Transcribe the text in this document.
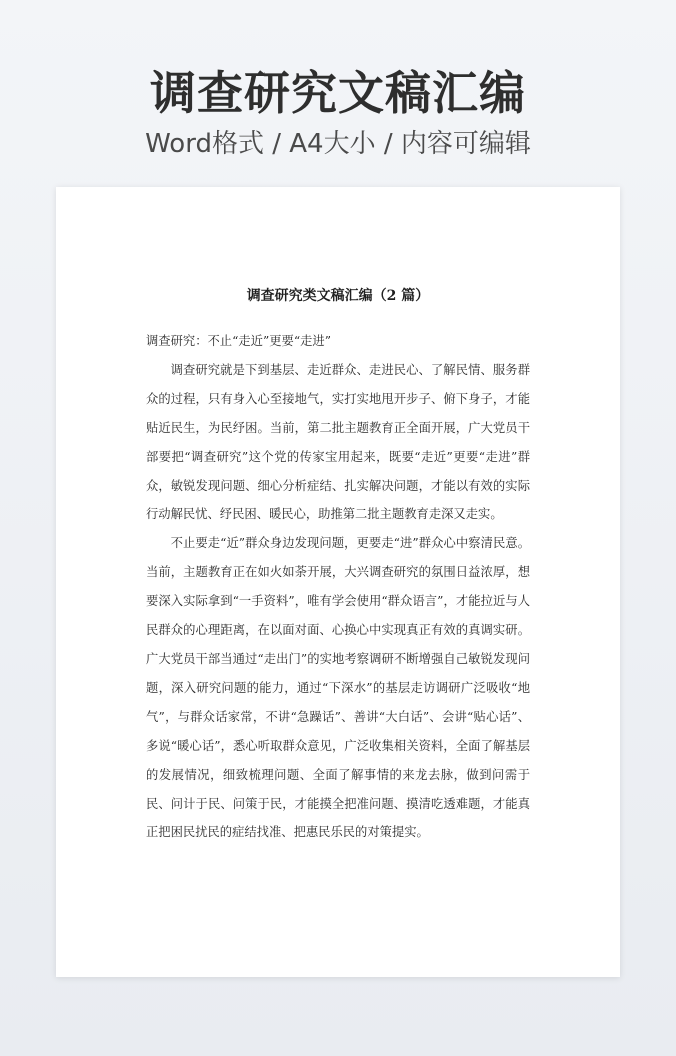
调查研究文稿汇编
Word格式 / A4大小 / 内容可编辑
调查研究类文稿汇编（2 篇）

调查研究：不止“走近”更要“走进”

调查研究就是下到基层、走近群众、走进民心、了解民情、服务群众的过程，只有身入心至接地气，实打实地甩开步子、俯下身子，才能贴近民生，为民纾困。当前，第二批主题教育正全面开展，广大党员干部要把“调查研究”这个党的传家宝用起来，既要“走近”更要“走进”群众，敏锐发现问题、细心分析症结、扎实解决问题，才能以有效的实际行动解民忧、纾民困、暖民心，助推第二批主题教育走深又走实。

不止要走“近”群众身边发现问题，更要走“进”群众心中察清民意。当前，主题教育正在如火如荼开展，大兴调查研究的氛围日益浓厚，想要深入实际拿到“一手资料”，唯有学会使用“群众语言”，才能拉近与人民群众的心理距离，在以面对面、心换心中实现真正有效的真调实研。广大党员干部当通过“走出门”的实地考察调研不断增强自己敏锐发现问题，深入研究问题的能力，通过“下深水”的基层走访调研广泛吸收“地气”，与群众话家常，不讲“急躁话”、善讲“大白话”、会讲“贴心话”、多说“暖心话”，悉心听取群众意见，广泛收集相关资料，全面了解基层的发展情况，细致梳理问题、全面了解事情的来龙去脉，做到问需于民、问计于民、问策于民，才能摸全把准问题、摸清吃透难题，才能真正把困民扰民的症结找准、把惠民乐民的对策提实。
